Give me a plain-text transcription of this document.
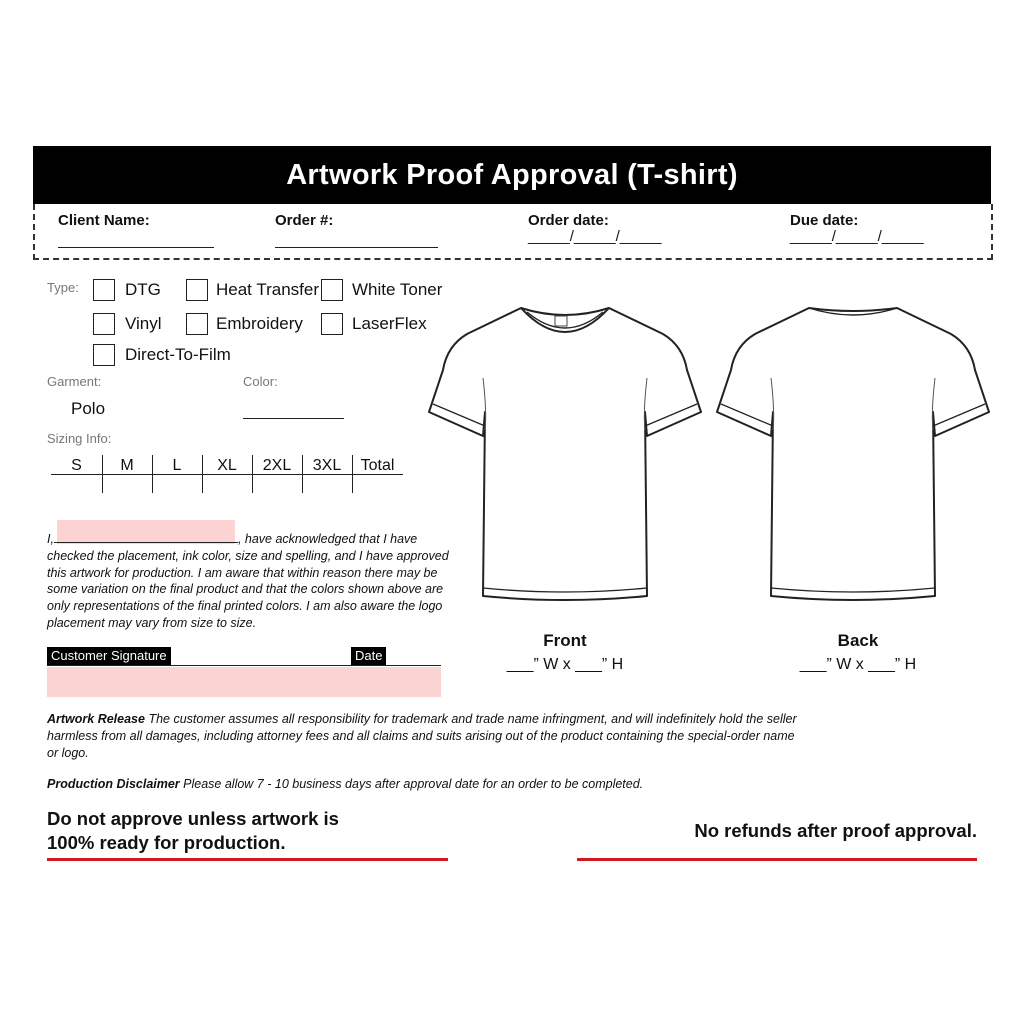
Artwork Proof Approval (T-shirt)
Client Name:	Order #:	Order date:
_____/_____/_____
Due date:
_____/_____/_____
Type:	DTG	Heat Transfer White Toner
Vinyl	Embroidery	LaserFlex
Direct-To-Film
Garment:
Polo
Color:
Sizing Info:
S	M	L	XL	2XL	3XL	Total
I,	, have acknowledged that I have checked the placement, ink color, size and spelling, and I have approved this artwork for production. I am aware that within reason there may be some variation on the final product and that the colors shown above are only representations of the final printed colors. I am also aware the logo placement may vary from size to size.
Customer Signature	Date
Front
___” W x ___” H
Back
___” W x ___” H
Artwork Release The customer assumes all responsibility for trademark and trade name infringment, and will indefinitely hold the seller harmless from all damages, including attorney fees and all claims and suits arising out of the product containing the special-order name or logo.
Production Disclaimer Please allow 7 - 10 business days after approval date for an order to be completed.
Do not approve unless artwork is
100% ready for production.
No refunds after proof approval.
